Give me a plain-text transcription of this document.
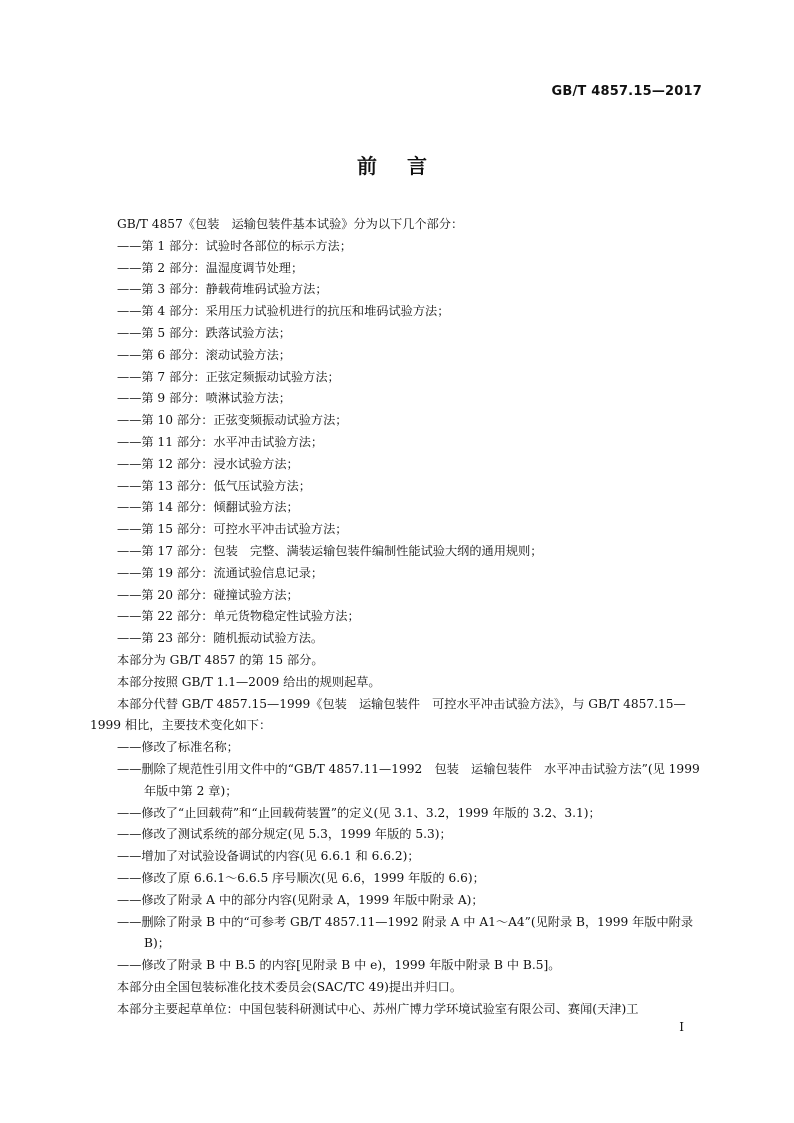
GB/T 4857.15—2017
前言

GB/T 4857《包装　运输包装件基本试验》分为以下几个部分：

——第 1 部分：试验时各部位的标示方法；

——第 2 部分：温湿度调节处理；

——第 3 部分：静载荷堆码试验方法；

——第 4 部分：采用压力试验机进行的抗压和堆码试验方法；

——第 5 部分：跌落试验方法；

——第 6 部分：滚动试验方法；

——第 7 部分：正弦定频振动试验方法；

——第 9 部分：喷淋试验方法；

——第 10 部分：正弦变频振动试验方法；

——第 11 部分：水平冲击试验方法；

——第 12 部分：浸水试验方法；

——第 13 部分：低气压试验方法；

——第 14 部分：倾翻试验方法；

——第 15 部分：可控水平冲击试验方法；

——第 17 部分：包装　完整、满装运输包装件编制性能试验大纲的通用规则；

——第 19 部分：流通试验信息记录；

——第 20 部分：碰撞试验方法；

——第 22 部分：单元货物稳定性试验方法；

——第 23 部分：随机振动试验方法。

本部分为 GB/T 4857 的第 15 部分。

本部分按照 GB/T 1.1—2009 给出的规则起草。

本部分代替 GB/T 4857.15—1999《包装　运输包装件　可控水平冲击试验方法》，与 GB/T 4857.15—1999 相比，主要技术变化如下：

——修改了标准名称；

——删除了规范性引用文件中的“GB/T 4857.11—1992　包装　运输包装件　水平冲击试验方法”(见 1999 年版中第 2 章)；

——修改了“止回载荷”和“止回载荷装置”的定义(见 3.1、3.2，1999 年版的 3.2、3.1)；

——修改了测试系统的部分规定(见 5.3，1999 年版的 5.3)；

——增加了对试验设备调试的内容(见 6.6.1 和 6.6.2)；

——修改了原 6.6.1～6.6.5 序号顺次(见 6.6，1999 年版的 6.6)；

——修改了附录 A 中的部分内容(见附录 A，1999 年版中附录 A)；

——删除了附录 B 中的“可参考 GB/T 4857.11—1992 附录 A 中 A1～A4”(见附录 B，1999 年版中附录 B)；

——修改了附录 B 中 B.5 的内容[见附录 B 中 e)，1999 年版中附录 B 中 B.5]。

本部分由全国包装标准化技术委员会(SAC/TC 49)提出并归口。

本部分主要起草单位：中国包装科研测试中心、苏州广博力学环境试验室有限公司、赛闻(天津)工

I
